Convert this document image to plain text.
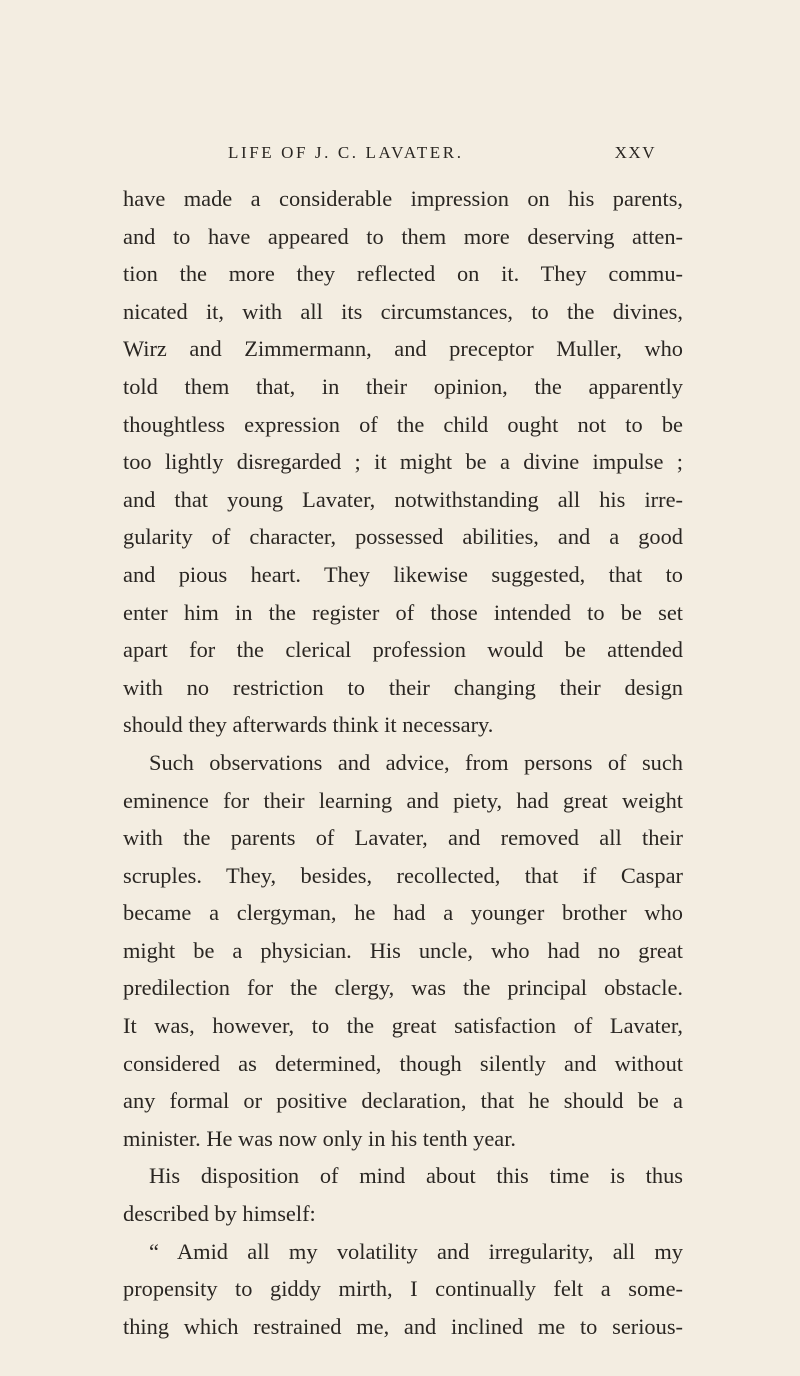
LIFE OF J. C. LAVATER.	XXV
have made a considerable impression on his parents,
and to have appeared to them more deserving atten-
tion the more they reflected on it. They commu-
nicated it, with all its circumstances, to the divines,
Wirz and Zimmermann, and preceptor Muller, who
told them that, in their opinion, the apparently
thoughtless expression of the child ought not to be
too lightly disregarded ; it might be a divine impulse ;
and that young Lavater, notwithstanding all his irre-
gularity of character, possessed abilities, and a good
and pious heart. They likewise suggested, that to
enter him in the register of those intended to be set
apart for the clerical profession would be attended
with no restriction to their changing their design
should they afterwards think it necessary.
Such observations and advice, from persons of such
eminence for their learning and piety, had great weight
with the parents of Lavater, and removed all their
scruples. They, besides, recollected, that if Caspar
became a clergyman, he had a younger brother who
might be a physician. His uncle, who had no great
predilection for the clergy, was the principal obstacle.
It was, however, to the great satisfaction of Lavater,
considered as determined, though silently and without
any formal or positive declaration, that he should be a
minister. He was now only in his tenth year.
His disposition of mind about this time is thus
described by himself:
“ Amid all my volatility and irregularity, all my
propensity to giddy mirth, I continually felt a some-
thing which restrained me, and inclined me to serious-
